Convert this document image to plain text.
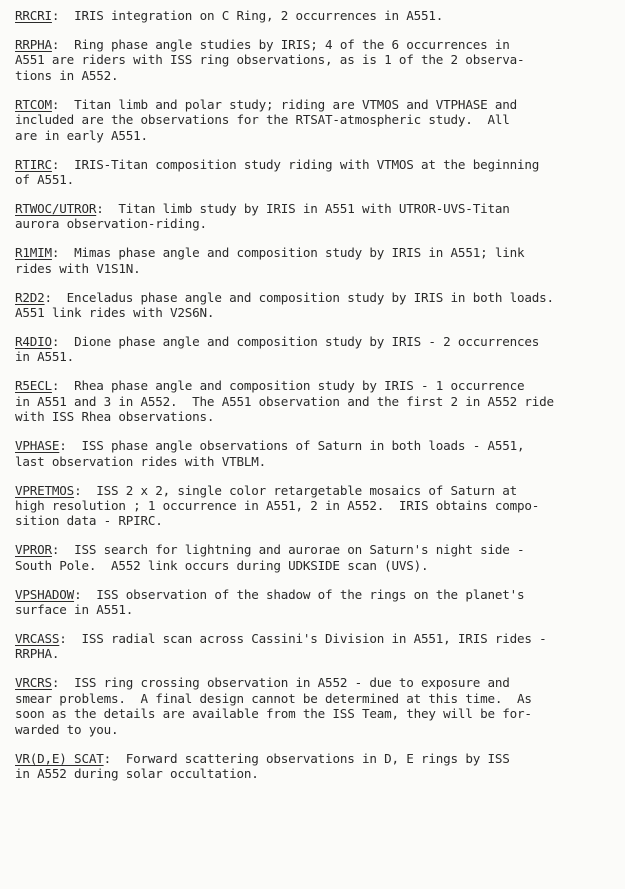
RRCRI:  IRIS integration on C Ring, 2 occurrences in A551.
RRPHA:  Ring phase angle studies by IRIS; 4 of the 6 occurrences in
A551 are riders with ISS ring observations, as is 1 of the 2 observa-
tions in A552.
RTCOM:  Titan limb and polar study; riding are VTMOS and VTPHASE and
included are the observations for the RTSAT-atmospheric study.  All
are in early A551.
RTIRC:  IRIS-Titan composition study riding with VTMOS at the beginning
of A551.
RTWOC/UTROR:  Titan limb study by IRIS in A551 with UTROR-UVS-Titan
aurora observation-riding.
R1MIM:  Mimas phase angle and composition study by IRIS in A551; link
rides with V1S1N.
R2D2:  Enceladus phase angle and composition study by IRIS in both loads.
A551 link rides with V2S6N.
R4DIO:  Dione phase angle and composition study by IRIS - 2 occurrences
in A551.
R5ECL:  Rhea phase angle and composition study by IRIS - 1 occurrence
in A551 and 3 in A552.  The A551 observation and the first 2 in A552 ride
with ISS Rhea observations.
VPHASE:  ISS phase angle observations of Saturn in both loads - A551,
last observation rides with VTBLM.
VPRETMOS:  ISS 2 x 2, single color retargetable mosaics of Saturn at
high resolution ; 1 occurrence in A551, 2 in A552.  IRIS obtains compo-
sition data - RPIRC.
VPROR:  ISS search for lightning and aurorae on Saturn's night side -
South Pole.  A552 link occurs during UDKSIDE scan (UVS).
VPSHADOW:  ISS observation of the shadow of the rings on the planet's
surface in A551.
VRCASS:  ISS radial scan across Cassini's Division in A551, IRIS rides -
RRPHA.
VRCRS:  ISS ring crossing observation in A552 - due to exposure and
smear problems.  A final design cannot be determined at this time.  As
soon as the details are available from the ISS Team, they will be for-
warded to you.
VR(D,E) SCAT:  Forward scattering observations in D, E rings by ISS
in A552 during solar occultation.
